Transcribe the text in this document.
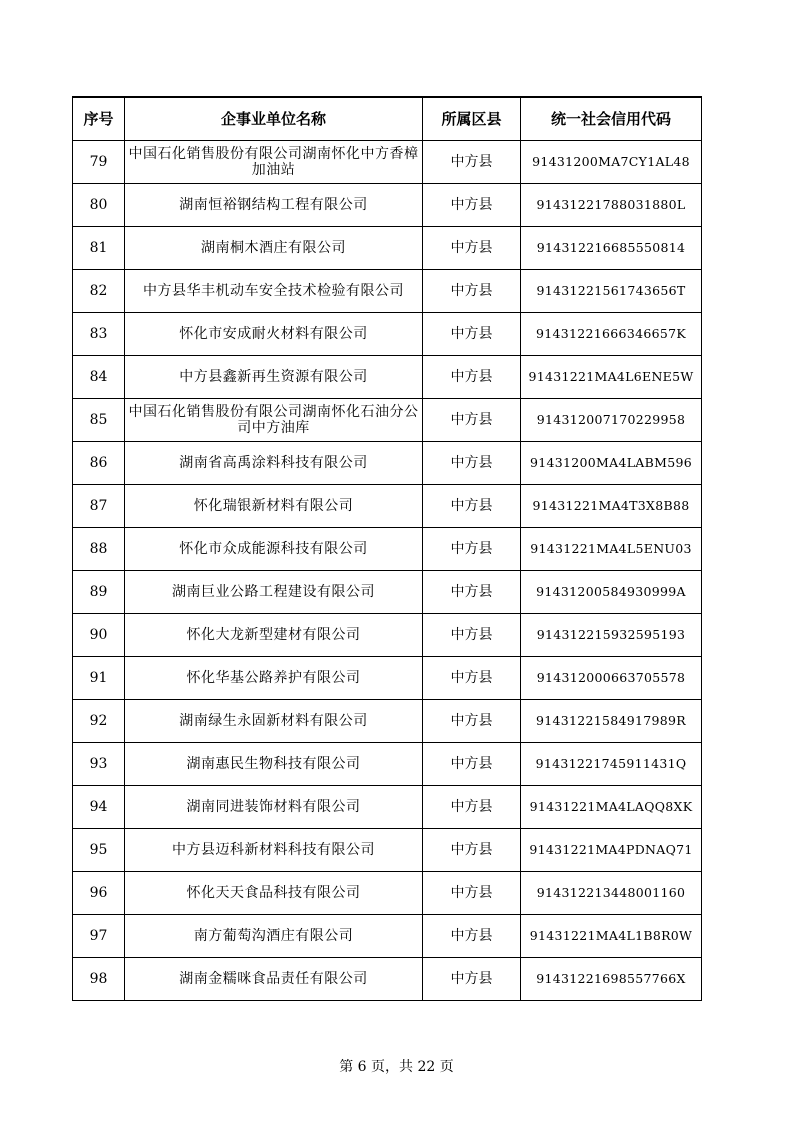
序号	企事业单位名称	所属区县	统一社会信用代码
79	中国石化销售股份有限公司湖南怀化中方香樟加油站	中方县	91431200MA7CY1AL48
80	湖南恒裕钢结构工程有限公司	中方县	91431221788031880L
81	湖南桐木酒庄有限公司	中方县	914312216685550814
82	中方县华丰机动车安全技术检验有限公司	中方县	91431221561743656T
83	怀化市安成耐火材料有限公司	中方县	91431221666346657K
84	中方县鑫新再生资源有限公司	中方县	91431221MA4L6ENE5W
85	中国石化销售股份有限公司湖南怀化石油分公司中方油库	中方县	914312007170229958
86	湖南省高禹涂料科技有限公司	中方县	91431200MA4LABM596
87	怀化瑞银新材料有限公司	中方县	91431221MA4T3X8B88
88	怀化市众成能源科技有限公司	中方县	91431221MA4L5ENU03
89	湖南巨业公路工程建设有限公司	中方县	91431200584930999A
90	怀化大龙新型建材有限公司	中方县	914312215932595193
91	怀化华基公路养护有限公司	中方县	914312000663705578
92	湖南绿生永固新材料有限公司	中方县	91431221584917989R
93	湖南惠民生物科技有限公司	中方县	91431221745911431Q
94	湖南同进装饰材料有限公司	中方县	91431221MA4LAQQ8XK
95	中方县迈科新材料科技有限公司	中方县	91431221MA4PDNAQ71
96	怀化天天食品科技有限公司	中方县	914312213448001160
97	南方葡萄沟酒庄有限公司	中方县	91431221MA4L1B8R0W
98	湖南金糯咪食品责任有限公司	中方县	91431221698557766X
第 6 页，共 22 页
